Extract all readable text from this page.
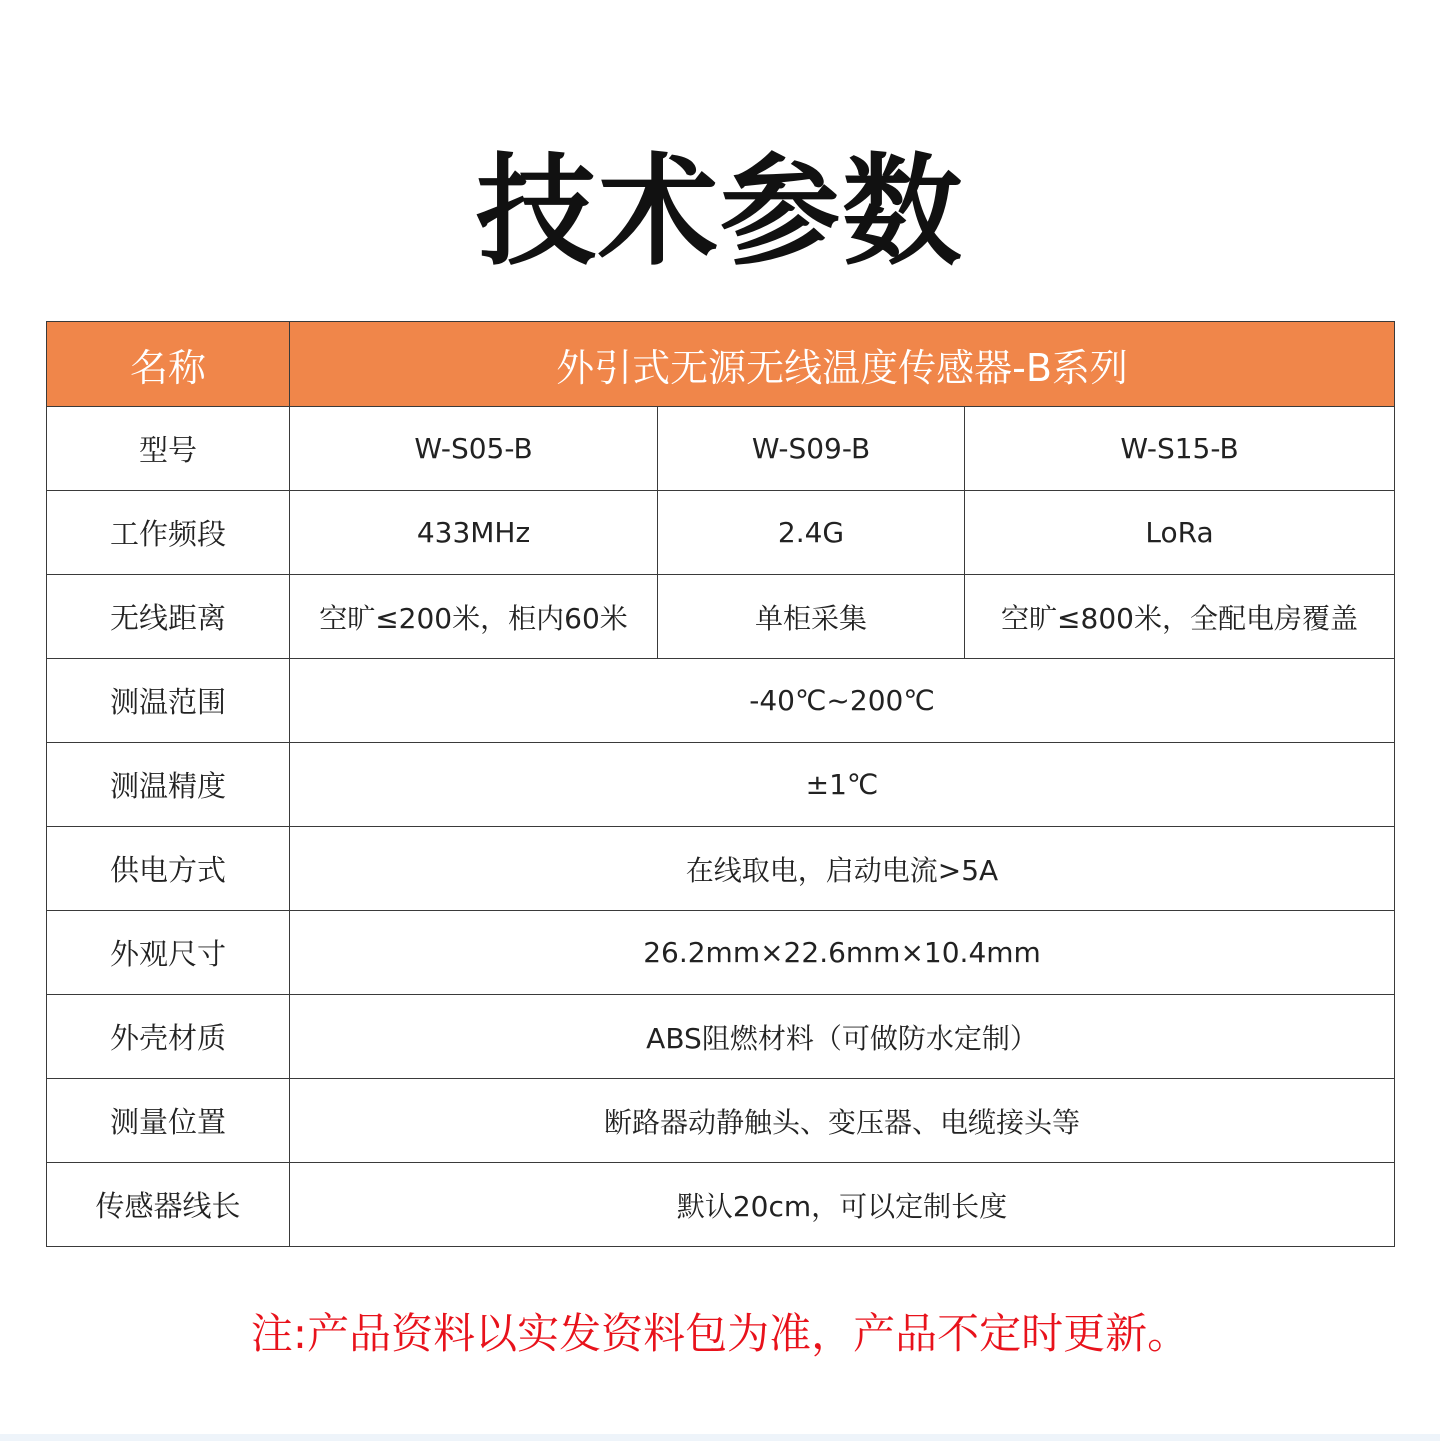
技术参数
名称	外引式无源无线温度传感器-B系列		
型号	W-S05-B	W-S09-B	W-S15-B
工作频段	433MHz	2.4G	LoRa
无线距离	空旷≤200米，柜内60米	单柜采集	空旷≤800米，全配电房覆盖
测温范围	-40℃~200℃		
测温精度	±1℃		
供电方式	在线取电，启动电流>5A		
外观尺寸	26.2mm×22.6mm×10.4mm		
外壳材质	ABS阻燃材料（可做防水定制）		
测量位置	断路器动静触头、变压器、电缆接头等		
传感器线长	默认20cm，可以定制长度		
注:产品资料以实发资料包为准，产品不定时更新。
